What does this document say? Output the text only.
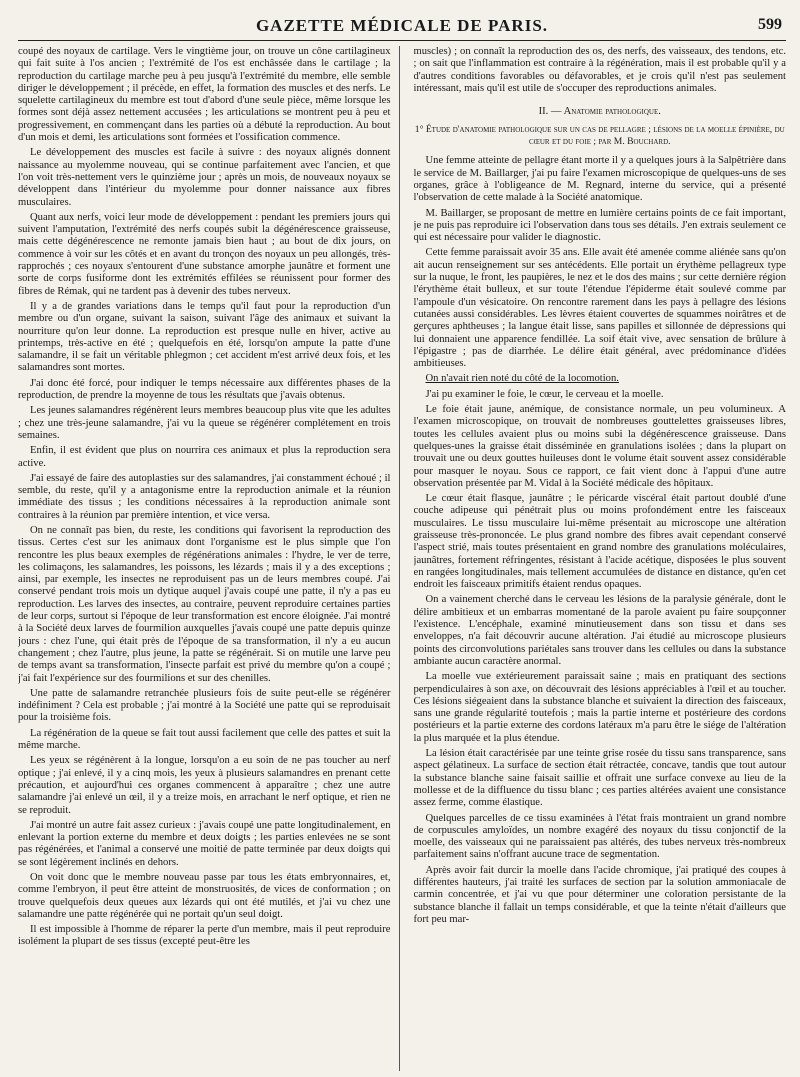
GAZETTE MÉDICALE DE PARIS.	599

coupé des noyaux de cartilage. Vers le vingtième jour, on trouve un cône cartilagineux qui fait suite à l'os ancien ; l'extrémité de l'os est enchâssée dans le cartilage ; la reproduction du cartilage marche peu à peu jusqu'à l'extrémité du membre, elle semble diriger le développement ; il précède, en effet, la formation des muscles et des nerfs. Le squelette cartilagineux du membre est tout d'abord d'une seule pièce, même lorsque les formes sont déjà assez nettement accusées ; les articulations se montrent peu à peu et progressivement, en commençant dans les parties où a débuté la reproduction. Au bout d'un mois et demi, les articulations sont formées et l'ossification commence.

Le développement des muscles est facile à suivre : des noyaux alignés donnent naissance au myolemme nouveau, qui se continue parfaitement avec l'ancien, et que l'on voit très-nettement vers le quinzième jour ; après un mois, de nouveaux noyaux se développent dans l'intérieur du myolemme pour donner naissance aux fibres musculaires.

Quant aux nerfs, voici leur mode de développement : pendant les premiers jours qui suivent l'amputation, l'extrémité des nerfs coupés subit la dégénérescence graisseuse, mais cette dégénérescence ne remonte jamais bien haut ; au bout de dix jours, on commence à voir sur les côtés et en avant du tronçon des noyaux un peu allongés, très-rapprochés ; ces noyaux s'entourent d'une substance amorphe jaunâtre et forment une sorte de corps fusiforme dont les extrémités effilées se réunissent pour former des fibres de Rémak, qui ne tardent pas à devenir des tubes nerveux.

Il y a de grandes variations dans le temps qu'il faut pour la reproduction d'un membre ou d'un organe, suivant la saison, suivant l'âge des animaux et suivant la nourriture qu'on leur donne. La reproduction est presque nulle en hiver, active au printemps, très-active en été ; quelquefois en été, lorsqu'on ampute la patte d'une salamandre, il se fait un véritable phlegmon ; cet accident m'est arrivé deux fois, et les salamandres sont mortes.

J'ai donc été forcé, pour indiquer le temps nécessaire aux différentes phases de la reproduction, de prendre la moyenne de tous les résultats que j'avais obtenus.

Les jeunes salamandres régénèrent leurs membres beaucoup plus vite que les adultes ; chez une très-jeune salamandre, j'ai vu la queue se régénérer complétement en trois semaines.

Enfin, il est évident que plus on nourrira ces animaux et plus la reproduction sera active.

J'ai essayé de faire des autoplasties sur des salamandres, j'ai constamment échoué ; il semble, du reste, qu'il y a antagonisme entre la reproduction animale et la réunion immédiate des tissus ; les conditions nécessaires à la reproduction animale sont contraires à la réunion par première intention, et vice versa.

On ne connaît pas bien, du reste, les conditions qui favorisent la reproduction des tissus. Certes c'est sur les animaux dont l'organisme est le plus simple que l'on rencontre les plus beaux exemples de régénérations animales : l'hydre, le ver de terre, les colimaçons, les salamandres, les poissons, les lézards ; mais il y a des exceptions ; ainsi, par exemple, les insectes ne reproduisent pas un de leurs membres coupé. J'ai conservé pendant trois mois un dytique auquel j'avais coupé une patte, il n'y a pas eu reproduction. Les larves des insectes, au contraire, peuvent reproduire certaines parties de leur corps, surtout si l'époque de leur transformation est encore éloignée. J'ai montré à la Société deux larves de fourmilion auxquelles j'avais coupé une patte depuis quinze jours : chez l'une, qui était près de l'époque de sa transformation, il n'y a eu aucun changement ; chez l'autre, plus jeune, la patte se régénérait. Si on mutile une larve peu de temps avant sa transformation, l'insecte parfait est privé du membre qu'on a coupé ; j'ai fait l'expérience sur des fourmilions et sur des chenilles.

Une patte de salamandre retranchée plusieurs fois de suite peut-elle se régénérer indéfiniment ? Cela est probable ; j'ai montré à la Société une patte qui se reproduisait pour la troisième fois.

La régénération de la queue se fait tout aussi facilement que celle des pattes et suit la même marche.

Les yeux se régénèrent à la longue, lorsqu'on a eu soin de ne pas toucher au nerf optique ; j'ai enlevé, il y a cinq mois, les yeux à plusieurs salamandres en prenant cette précaution, et aujourd'hui ces organes commencent à apparaître ; chez une autre salamandre j'ai enlevé un œil, il y a treize mois, en arrachant le nerf optique, et rien ne se reproduit.

J'ai montré un autre fait assez curieux : j'avais coupé une patte longitudinalement, en enlevant la portion externe du membre et deux doigts ; les parties enlevées ne se sont pas régénérées, et l'animal a conservé une moitié de patte terminée par deux doigts qui se sont légèrement inclinés en dehors.

On voit donc que le membre nouveau passe par tous les états embryonnaires, et, comme l'embryon, il peut être atteint de monstruosités, de vices de conformation ; on trouve quelquefois deux queues aux lézards qui ont été mutilés, et j'ai vu chez une salamandre une patte régénérée qui ne portait qu'un seul doigt.

Il est impossible à l'homme de réparer la perte d'un membre, mais il peut reproduire isolément la plupart de ses tissus (excepté peut-être les

muscles) ; on connaît la reproduction des os, des nerfs, des vaisseaux, des tendons, etc. ; on sait que l'inflammation est contraire à la régénération, mais il est probable qu'il y a d'autres conditions favorables ou défavorables, et je crois qu'il n'est pas seulement intéressant, mais qu'il est utile de s'occuper des reproductions animales.

II. — Anatomie pathologique.
1° Étude d'anatomie pathologique sur un cas de pellagre ; lésions de la moelle épinière, du cœur et du foie ; par M. Bouchard.

Une femme atteinte de pellagre étant morte il y a quelques jours à la Salpêtrière dans le service de M. Baillarger, j'ai pu faire l'examen microscopique de quelques-uns de ses organes, grâce à l'obligeance de M. Regnard, interne du service, qui a présenté l'observation de cette malade à la Société anatomique.

M. Baillarger, se proposant de mettre en lumière certains points de ce fait important, je ne puis pas reproduire ici l'observation dans tous ses détails. J'en extrais seulement ce qui est nécessaire pour valider le diagnostic.

Cette femme paraissait avoir 35 ans. Elle avait été amenée comme aliénée sans qu'on ait aucun renseignement sur ses antécédents. Elle portait un érythème pellagreux type sur la nuque, le front, les paupières, le nez et le dos des mains ; sur cette dernière région l'érythème était bulleux, et sur toute l'étendue l'épiderme était soulevé comme par l'ampoule d'un vésicatoire. On rencontre rarement dans les pays à pellagre des lésions cutanées aussi considérables. Les lèvres étaient couvertes de squammes noirâtres et de gerçures aphtheuses ; la langue était lisse, sans papilles et sillonnée de dépressions qui lui donnaient une apparence fendillée. La soif était vive, avec sensation de brûlure à l'épigastre ; pas de diarrhée. Le délire était général, avec prédominance d'idées ambitieuses.

On n'avait rien noté du côté de la locomotion.

J'ai pu examiner le foie, le cœur, le cerveau et la moelle.

Le foie était jaune, anémique, de consistance normale, un peu volumineux. A l'examen microscopique, on trouvait de nombreuses gouttelettes graisseuses libres, toutes les cellules avaient plus ou moins subi la dégénérescence graisseuse. Dans quelques-unes la graisse était disséminée en granulations isolées ; dans la plupart on trouvait une ou deux gouttes huileuses dont le volume était souvent assez considérable pour masquer le noyau. Sous ce rapport, ce fait vient donc à l'appui d'une autre observation présentée par M. Vidal à la Société médicale des hôpitaux.

Le cœur était flasque, jaunâtre ; le péricarde viscéral était partout doublé d'une couche adipeuse qui pénétrait plus ou moins profondément entre les faisceaux musculaires. Le tissu musculaire lui-même présentait au microscope une altération graisseuse très-prononcée. Le plus grand nombre des fibres avait cependant conservé l'aspect strié, mais toutes présentaient en grand nombre des granulations moléculaires, jaunâtres, fortement réfringentes, résistant à l'acide acétique, disposées le plus souvent en rangées longitudinales, mais tellement accumulées de distance en distance, qu'en cet endroit les faisceaux primitifs étaient rendus opaques.

On a vainement cherché dans le cerveau les lésions de la paralysie générale, dont le délire ambitieux et un embarras momentané de la parole avaient pu faire soupçonner l'existence. L'encéphale, examiné minutieusement dans son tissu et dans ses enveloppes, n'a fait découvrir aucune altération. J'ai étudié au microscope plusieurs points des circonvolutions pariétales sans trouver dans les cellules ou dans la substance ambiante aucun caractère anormal.

La moelle vue extérieurement paraissait saine ; mais en pratiquant des sections perpendiculaires à son axe, on découvrait des lésions appréciables à l'œil et au toucher. Ces lésions siégeaient dans la substance blanche et suivaient la direction des faisceaux, sans une grande régularité toutefois ; mais la partie interne et postérieure des cordons postérieurs et la partie externe des cordons latéraux m'a paru être le siége de l'altération la plus marquée et la plus étendue.

La lésion était caractérisée par une teinte grise rosée du tissu sans transparence, sans aspect gélatineux. La surface de section était rétractée, concave, tandis que tout autour la substance blanche saine faisait saillie et offrait une surface convexe au lieu de la mollesse et de la diffluence du tissu blanc ; ces parties altérées avaient une consistance assez ferme, comme élastique.

Quelques parcelles de ce tissu examinées à l'état frais montraient un grand nombre de corpuscules amyloïdes, un nombre exagéré des noyaux du tissu conjonctif de la moelle, des vaisseaux qui ne paraissaient pas altérés, des tubes nerveux très-nombreux parfaitement sains n'offrant aucune trace de segmentation.

Après avoir fait durcir la moelle dans l'acide chromique, j'ai pratiqué des coupes à différentes hauteurs, j'ai traité les surfaces de section par la solution ammoniacale de carmin concentrée, et j'ai vu que pour déterminer une coloration persistante de la substance blanche il fallait un temps considérable, et que la teinte n'était d'ailleurs que fort peu mar-
